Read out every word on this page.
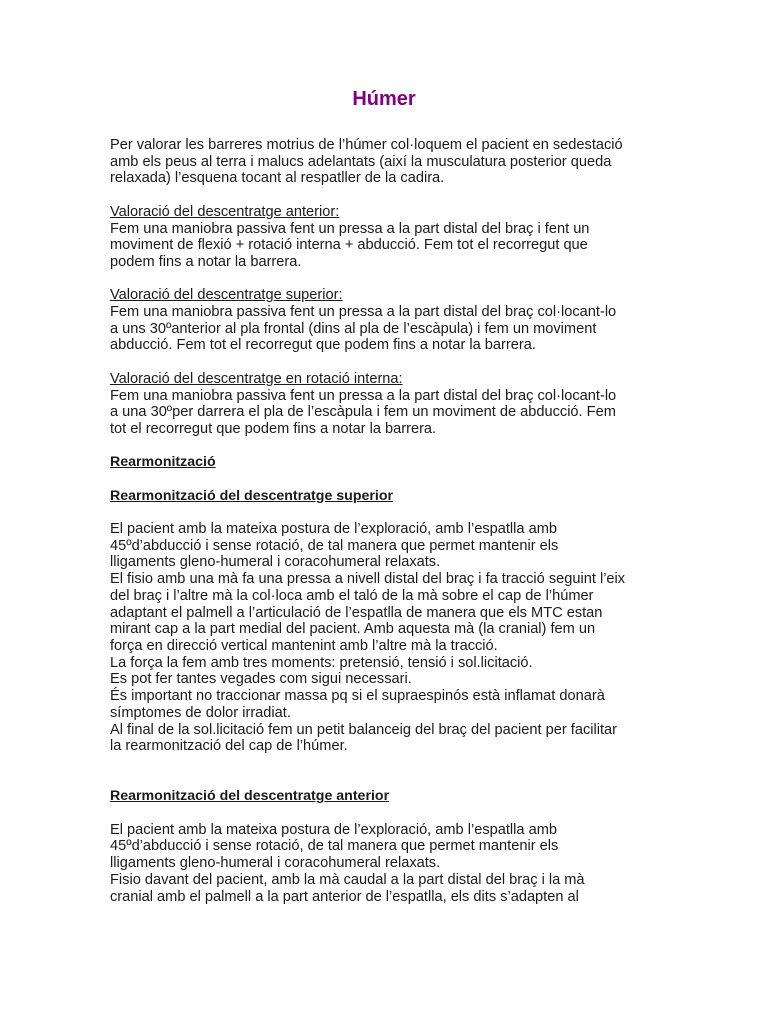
Húmer

Per valorar les barreres motrius de l’húmer col·loquem el pacient en sedestació
amb els peus al terra i malucs adelantats (així la musculatura posterior queda
relaxada) l’esquena tocant al respatller de la cadira.

Valoració del descentratge anterior:
Fem una maniobra passiva fent un pressa a la part distal del braç i fent un
moviment de flexió + rotació interna + abducció. Fem tot el recorregut que
podem fins a notar la barrera.

Valoració del descentratge superior:
Fem una maniobra passiva fent un pressa a la part distal del braç col·locant-lo
a uns 30ºanterior al pla frontal (dins al pla de l’escàpula) i fem un moviment
abducció. Fem tot el recorregut que podem fins a notar la barrera.

Valoració del descentratge en rotació interna:
Fem una maniobra passiva fent un pressa a la part distal del braç col·locant-lo
a una 30ºper darrera el pla de l’escàpula i fem un moviment de abducció. Fem
tot el recorregut que podem fins a notar la barrera.

Rearmonització

Rearmonització del descentratge superior

El pacient amb la mateixa postura de l’exploració, amb l’espatlla amb
45ºd’abducció i sense rotació, de tal manera que permet mantenir els
lligaments gleno-humeral i coracohumeral relaxats.
El fisio amb una mà fa una pressa a nivell distal del braç i fa tracció seguint l’eix
del braç i l’altre mà la col·loca amb el taló de la mà sobre el cap de l’húmer
adaptant el palmell a l’articulació de l’espatlla de manera que els MTC estan
mirant cap a la part medial del pacient. Amb aquesta mà (la cranial) fem un
força en direcció vertical mantenint amb l’altre mà la tracció.
La força la fem amb tres moments: pretensió, tensió i sol.licitació.
Es pot fer tantes vegades com sigui necessari.
És important no traccionar massa pq si el supraespinós està inflamat donarà
símptomes de dolor irradiat.
Al final de la sol.licitació fem un petit balanceig del braç del pacient per facilitar
la rearmonització del cap de l’húmer.

Rearmonització del descentratge anterior

El pacient amb la mateixa postura de l’exploració, amb l’espatlla amb
45ºd’abducció i sense rotació, de tal manera que permet mantenir els
lligaments gleno-humeral i coracohumeral relaxats.
Fisio davant del pacient, amb la mà caudal a la part distal del braç i la mà
cranial amb el palmell a la part anterior de l’espatlla, els dits s’adapten al
